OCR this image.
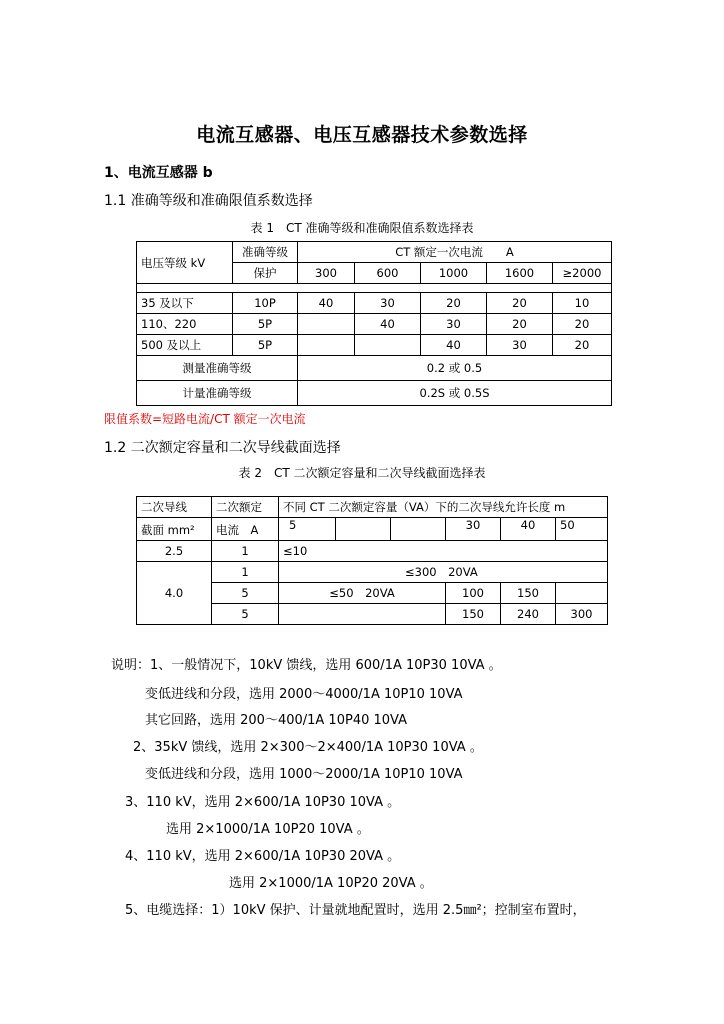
电流互感器、电压互感器技术参数选择
1、电流互感器 b
1.1 准确等级和准确限值系数选择
表 1　CT 准确等级和准确限值系数选择表
电压等级 kV	准确等级	CT 额定一次电流　　A				
	保护	300	600	1000	1600	≥2000

35 及以下	10P	40	30	20	20	10
110、220	5P		40	30	20	20
500 及以上	5P			40	30	20
测量准确等级		0.2 或 0.5				
计量准确等级		0.2S 或 0.5S				
限值系数=短路电流/CT 额定一次电流
1.2 二次额定容量和二次导线截面选择
表 2　CT 二次额定容量和二次导线截面选择表
二次导线	二次额定	不同 CT 二次额定容量（VA）下的二次导线允许长度 m					
截面 mm²	电流　A	5			30	40	50

2.5	1	≤10					
4.0	1	≤300　20VA					
	5	≤50　20VA			100	150	
	5				150	240	300
说明：1、一般情况下，10kV 馈线，选用 600/1A 10P30 10VA 。
变低进线和分段，选用 2000～4000/1A 10P10 10VA
其它回路，选用 200～400/1A 10P40 10VA
2、35kV 馈线，选用 2×300～2×400/1A 10P30 10VA 。
变低进线和分段，选用 1000～2000/1A 10P10 10VA
3、110 kV，选用 2×600/1A 10P30 10VA 。
选用 2×1000/1A 10P20 10VA 。
4、110 kV，选用 2×600/1A 10P30 20VA 。
选用 2×1000/1A 10P20 20VA 。
5、电缆选择：1）10kV 保护、计量就地配置时，选用 2.5㎜²；控制室布置时，
